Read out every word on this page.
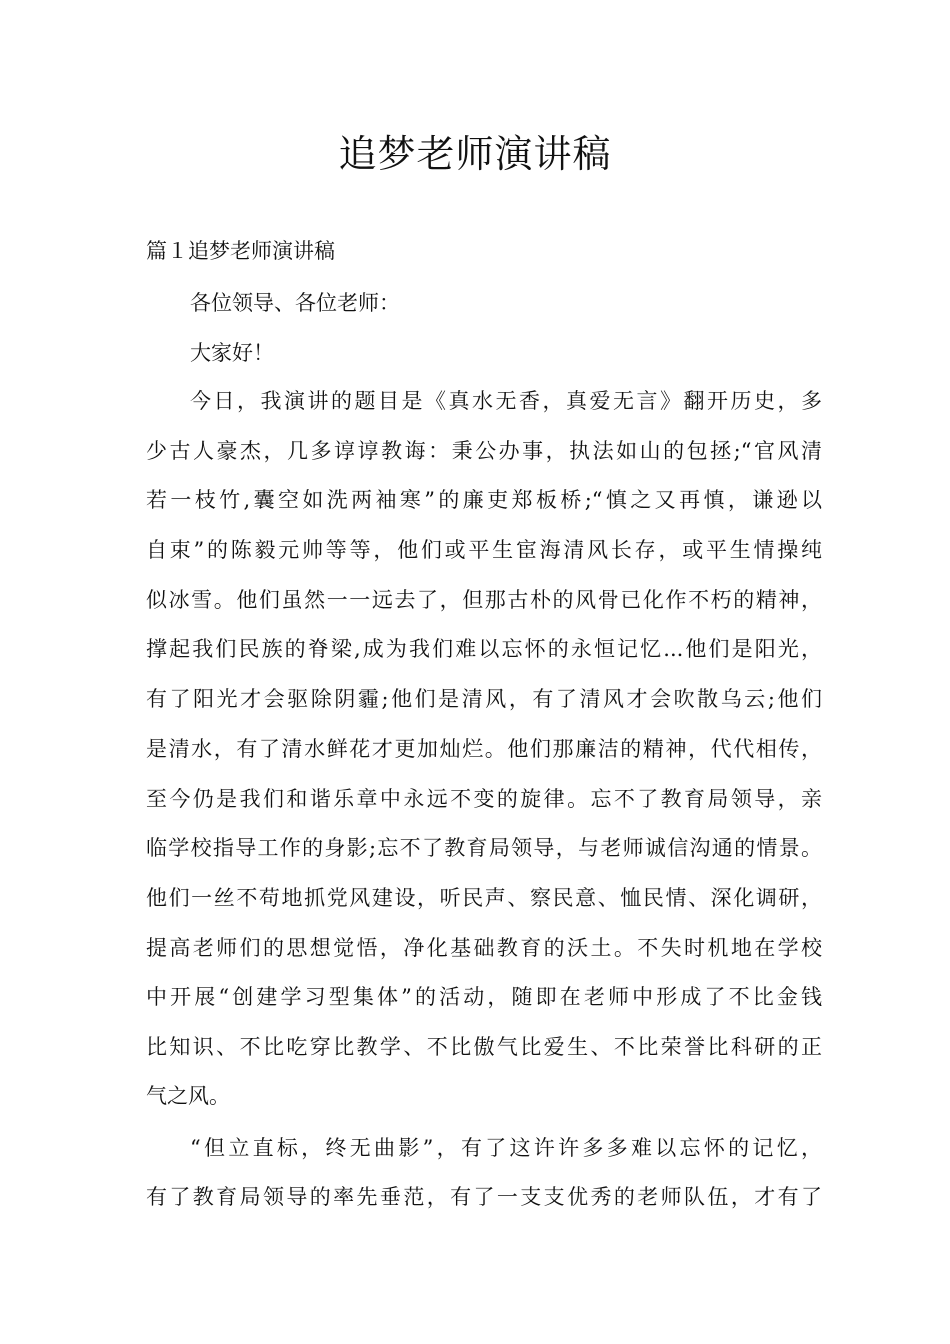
追梦老师演讲稿
篇１追梦老师演讲稿
各位领导、各位老师：
大家好！
今日，我演讲的题目是《真水无香，真爱无言》翻开历史，多
少古人豪杰，几多谆谆教诲：秉公办事，执法如山的包拯;“官风清
若一枝竹,囊空如洗两袖寒”的廉吏郑板桥;“慎之又再慎，谦逊以
自束”的陈毅元帅等等，他们或平生宦海清风长存，或平生情操纯
似冰雪。他们虽然一一远去了，但那古朴的风骨已化作不朽的精神，
撑起我们民族的脊梁,成为我们难以忘怀的永恒记忆...他们是阳光，
有了阳光才会驱除阴霾;他们是清风，有了清风才会吹散乌云;他们
是清水，有了清水鲜花才更加灿烂。他们那廉洁的精神，代代相传，
至今仍是我们和谐乐章中永远不变的旋律。忘不了教育局领导，亲
临学校指导工作的身影;忘不了教育局领导，与老师诚信沟通的情景。
他们一丝不苟地抓党风建设，听民声、察民意、恤民情、深化调研，
提高老师们的思想觉悟，净化基础教育的沃土。不失时机地在学校
中开展“创建学习型集体”的活动，随即在老师中形成了不比金钱
比知识、不比吃穿比教学、不比傲气比爱生、不比荣誉比科研的正
气之风。
“但立直标，终无曲影”，有了这许许多多难以忘怀的记忆，
有了教育局领导的率先垂范，有了一支支优秀的老师队伍，才有了
